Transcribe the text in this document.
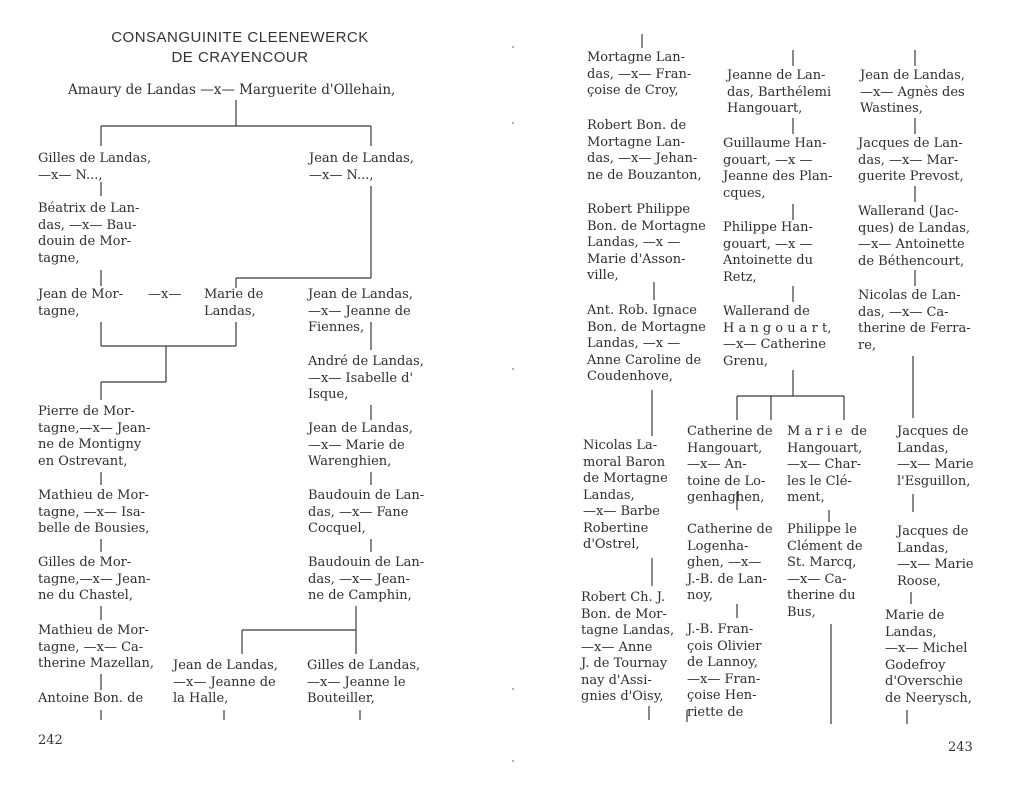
CONSANGUINITE CLEENEWERCK
DE CRAYENCOUR
Amaury de Landas —x— Marguerite d'Ollehain,
Gilles de Landas,
—x— N...,
Jean de Landas,
—x— N...,
Béatrix de Lan-
das, —x— Bau-
douin de Mor-
tagne,
Jean de Mor-
tagne,
—x— Marie de
Landas,
Jean de Landas,
—x— Jeanne de
Fiennes,
André de Landas,
—x— Isabelle d'
Isque,
Jean de Landas,
—x— Marie de
Warenghien,
Baudouin de Lan-
das, —x— Fane
Cocquel,
Baudouin de Lan-
das, —x— Jean-
ne de Camphin,
Pierre de Mor-
tagne,—x— Jean-
ne de Montigny
en Ostrevant,
Mathieu de Mor-
tagne, —x— Isa-
belle de Bousies,
Gilles de Mor-
tagne,—x— Jean-
ne du Chastel,
Mathieu de Mor-
tagne, —x— Ca-
therine Mazellan,
Antoine Bon. de
Jean de Landas,
—x— Jeanne de
la Halle,
Gilles de Landas,
—x— Jeanne le
Bouteiller,
242
Mortagne Lan-
das, —x— Fran-
çoise de Croy,
Robert Bon. de
Mortagne Lan-
das, —x— Jehan-
ne de Bouzanton,
Robert Philippe
Bon. de Mortagne
Landas, —x —
Marie d'Asson-
ville,
Ant. Rob. Ignace
Bon. de Mortagne
Landas, —x —
Anne Caroline de
Coudenhove,
Nicolas La-
moral Baron
de Mortagne
Landas,
—x— Barbe
Robertine
d'Ostrel,
Robert Ch. J.
Bon. de Mor-
tagne Landas,
—x— Anne
J. de Tournay
nay d'Assi-
gnies d'Oisy,
Jeanne de Lan-
das, Barthélemi
Hangouart,
Guillaume Han-
gouart, —x —
Jeanne des Plan-
cques,
Philippe Han-
gouart, —x —
Antoinette du
Retz,
Wallerand de
H a n g o u a r t,
—x— Catherine
Grenu,
Catherine de
Hangouart,
—x— An-
toine de Lo-
genhaghen,
Catherine de
Logenha-
ghen, —x—
J.-B. de Lan-
noy,
J.-B. Fran-
çois Olivier
de Lannoy,
—x— Fran-
çoise Hen-
riette de
M a r i e  de
Hangouart,
—x— Char-
les le Clé-
ment,
Philippe le
Clément de
St. Marcq,
—x— Ca-
therine du
Bus,
Jean de Landas,
—x— Agnès des
Wastines,
Jacques de Lan-
das, —x— Mar-
guerite Prevost,
Wallerand (Jac-
ques) de Landas,
—x— Antoinette
de Béthencourt,
Nicolas de Lan-
das, —x— Ca-
therine de Ferra-
re,
Jacques de
Landas,
—x— Marie
l'Esguillon,
Jacques de
Landas,
—x— Marie
Roose,
Marie de
Landas,
—x— Michel
Godefroy
d'Overschie
de Neerysch,
243
